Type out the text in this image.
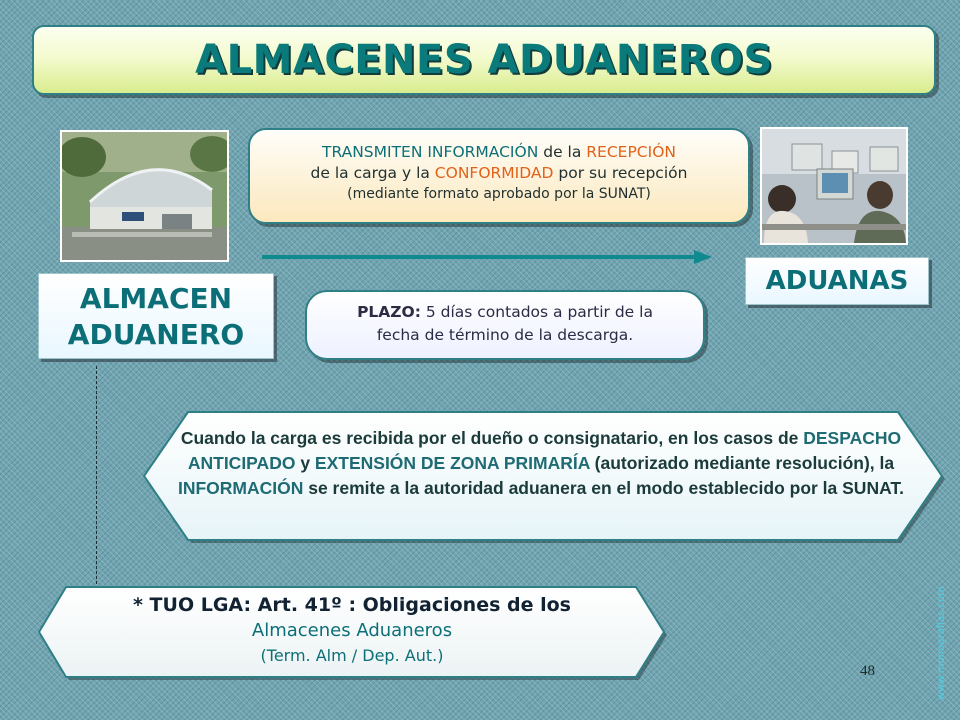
ALMACENES ADUANEROS
TRANSMITEN INFORMACIÓN de la RECEPCIÓN
de la carga y la CONFORMIDAD por su recepción
(mediante formato aprobado por la SUNAT)
ALMACEN
ADUANERO
ADUANAS
PLAZO: 5 días contados a partir de la
fecha de término de la descarga.
Cuando la carga es recibida por el dueño o consignatario, en los casos de DESPACHO ANTICIPADO y EXTENSIÓN DE ZONA PRIMARÍA (autorizado mediante resolución), la INFORMACIÓN se remite a la autoridad aduanera en el modo establecido por la SUNAT.
* TUO LGA: Art. 41º : Obligaciones de los
Almacenes Aduaneros
(Term. Alm / Dep. Aut.)
48	www.monografias.com
